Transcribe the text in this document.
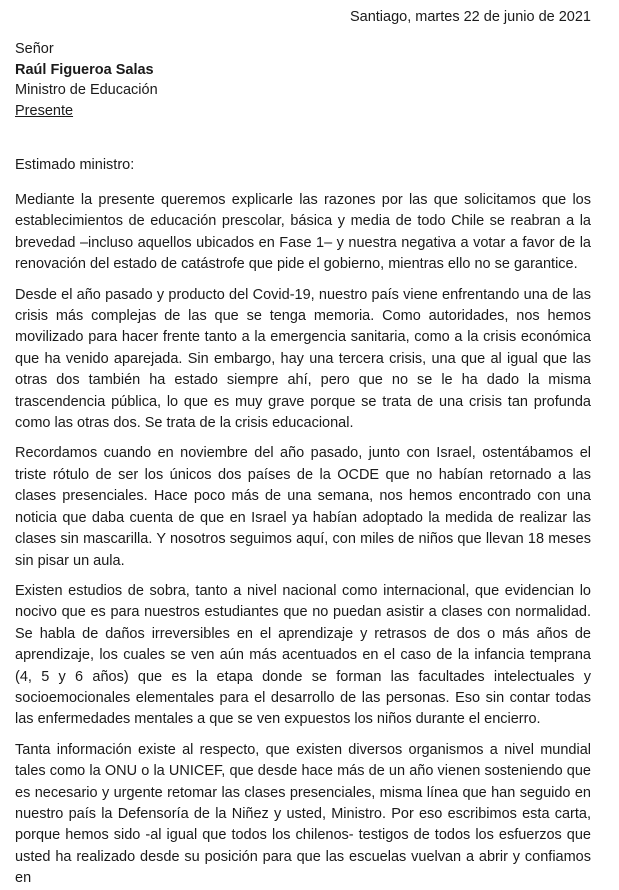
Santiago, martes 22 de junio de 2021
Señor
Raúl Figueroa Salas
Ministro de Educación
Presente
Estimado ministro:

Mediante la presente queremos explicarle las razones por las que solicitamos que los establecimientos de educación prescolar, básica y media de todo Chile se reabran a la brevedad –incluso aquellos ubicados en Fase 1– y nuestra negativa a votar a favor de la renovación del estado de catástrofe que pide el gobierno, mientras ello no se garantice.

Desde el año pasado y producto del Covid-19, nuestro país viene enfrentando una de las crisis más complejas de las que se tenga memoria. Como autoridades, nos hemos movilizado para hacer frente tanto a la emergencia sanitaria, como a la crisis económica que ha venido aparejada. Sin embargo, hay una tercera crisis, una que al igual que las otras dos también ha estado siempre ahí, pero que no se le ha dado la misma trascendencia pública, lo que es muy grave porque se trata de una crisis tan profunda como las otras dos. Se trata de la crisis educacional.

Recordamos cuando en noviembre del año pasado, junto con Israel, ostentábamos el triste rótulo de ser los únicos dos países de la OCDE que no habían retornado a las clases presenciales. Hace poco más de una semana, nos hemos encontrado con una noticia que daba cuenta de que en Israel ya habían adoptado la medida de realizar las clases sin mascarilla. Y nosotros seguimos aquí, con miles de niños que llevan 18 meses sin pisar un aula.

Existen estudios de sobra, tanto a nivel nacional como internacional, que evidencian lo nocivo que es para nuestros estudiantes que no puedan asistir a clases con normalidad. Se habla de daños irreversibles en el aprendizaje y retrasos de dos o más años de aprendizaje, los cuales se ven aún más acentuados en el caso de la infancia temprana (4, 5 y 6 años) que es la etapa donde se forman las facultades intelectuales y socioemocionales elementales para el desarrollo de las personas. Eso sin contar todas las enfermedades mentales a que se ven expuestos los niños durante el encierro.

Tanta información existe al respecto, que existen diversos organismos a nivel mundial tales como la ONU o la UNICEF, que desde hace más de un año vienen sosteniendo que es necesario y urgente retomar las clases presenciales, misma línea que han seguido en nuestro país la Defensoría de la Niñez y usted, Ministro. Por eso escribimos esta carta, porque hemos sido -al igual que todos los chilenos- testigos de todos los esfuerzos que usted ha realizado desde su posición para que las escuelas vuelvan a abrir y confiamos en
